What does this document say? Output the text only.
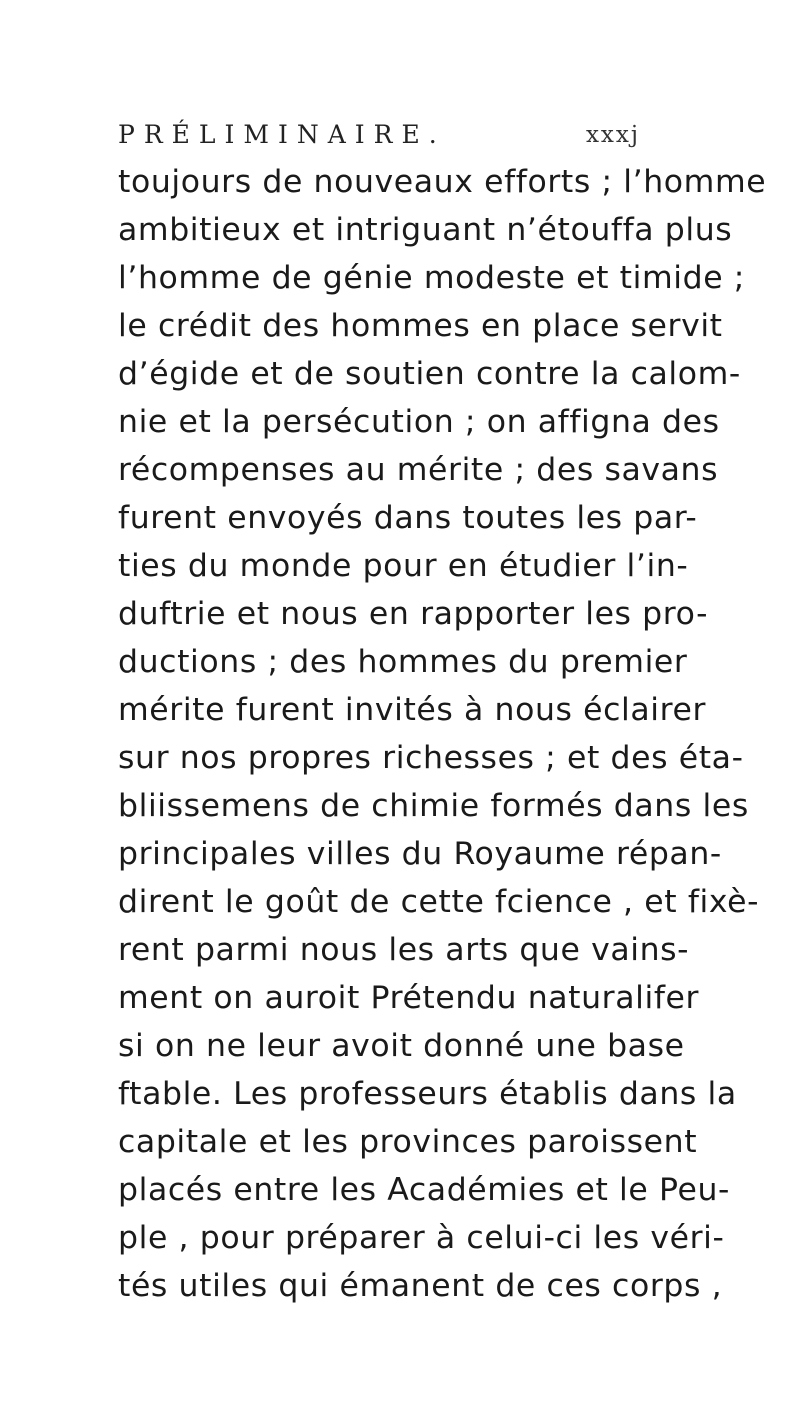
PRÉLIMINAIRE.	xxxj
toujours de nouveaux efforts ; l’homme
ambitieux et intriguant n’étouffa plus
l’homme de génie modeste et timide ;
le crédit des hommes en place servit
d’égide et de soutien contre la calom-
nie et la persécution ; on affigna des
récompenses au mérite ; des savans
furent envoyés dans toutes les par-
ties du monde pour en étudier l’in-
duftrie et nous en rapporter les pro-
ductions ; des hommes du premier
mérite furent invités à nous éclairer
sur nos propres richesses ; et des éta-
bliissemens de chimie formés dans les
principales villes du Royaume répan-
dirent le goût de cette fcience , et fixè-
rent parmi nous les arts que vains-
ment on auroit Prétendu naturalifer
si on ne leur avoit donné une base
ftable. Les professeurs établis dans la
capitale et les provinces paroissent
placés entre les Académies et le Peu-
ple , pour préparer à celui-ci les véri-
tés utiles qui émanent de ces corps ,
